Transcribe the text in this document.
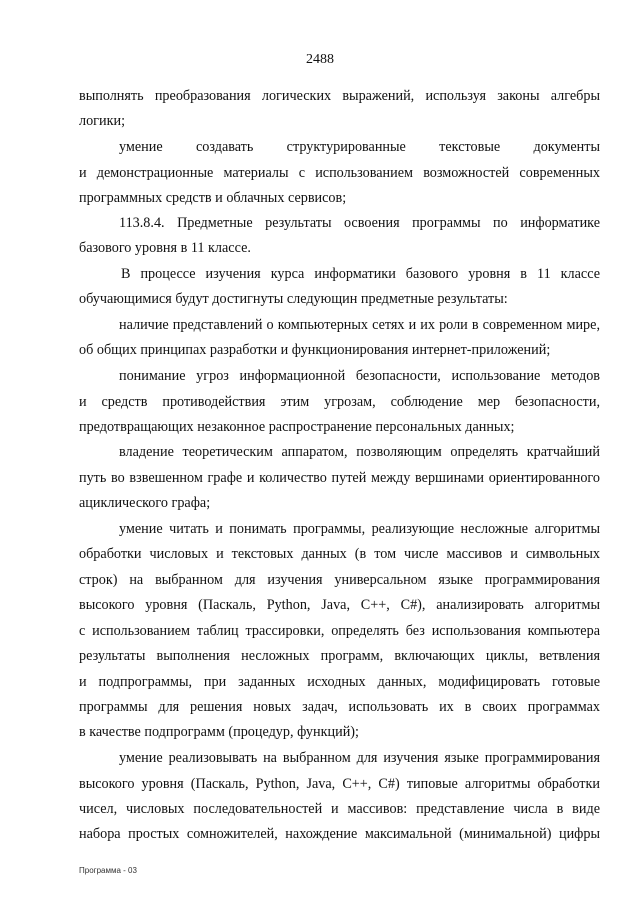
2488
выполнять преобразования логических выражений, используя законы алгебры
логики;
умение создавать структурированные текстовые документы
и демонстрационные материалы с использованием возможностей современных
программных средств и облачных сервисов;
113.8.4. Предметные результаты освоения программы по информатике
базового уровня в 11 классе.
В процессе изучения курса информатики базового уровня в 11 классе
обучающимися будут достигнуты следующин предметные результаты:
наличие представлений о компьютерных сетях и их роли в современном мире,
об общих принципах разработки и функционирования интернет-приложений;
понимание угроз информационной безопасности, использование методов
и средств противодействия этим угрозам, соблюдение мер безопасности,
предотвращающих незаконное распространение персональных данных;
владение теоретическим аппаратом, позволяющим определять кратчайший
путь во взвешенном графе и количество путей между вершинами ориентированного
ациклического графа;
умение читать и понимать программы, реализующие несложные алгоритмы
обработки числовых и текстовых данных (в том числе массивов и символьных
строк) на выбранном для изучения универсальном языке программирования
высокого уровня (Паскаль, Python, Java, C++, C#), анализировать алгоритмы
с использованием таблиц трассировки, определять без использования компьютера
результаты выполнения несложных программ, включающих циклы, ветвления
и подпрограммы, при заданных исходных данных, модифицировать готовые
программы для решения новых задач, использовать их в своих программах
в качестве подпрограмм (процедур, функций);
умение реализовывать на выбранном для изучения языке программирования
высокого уровня (Паскаль, Python, Java, C++, C#) типовые алгоритмы обработки
чисел, числовых последовательностей и массивов: представление числа в виде
набора простых сомножителей, нахождение максимальной (минимальной) цифры
Программа - 03
